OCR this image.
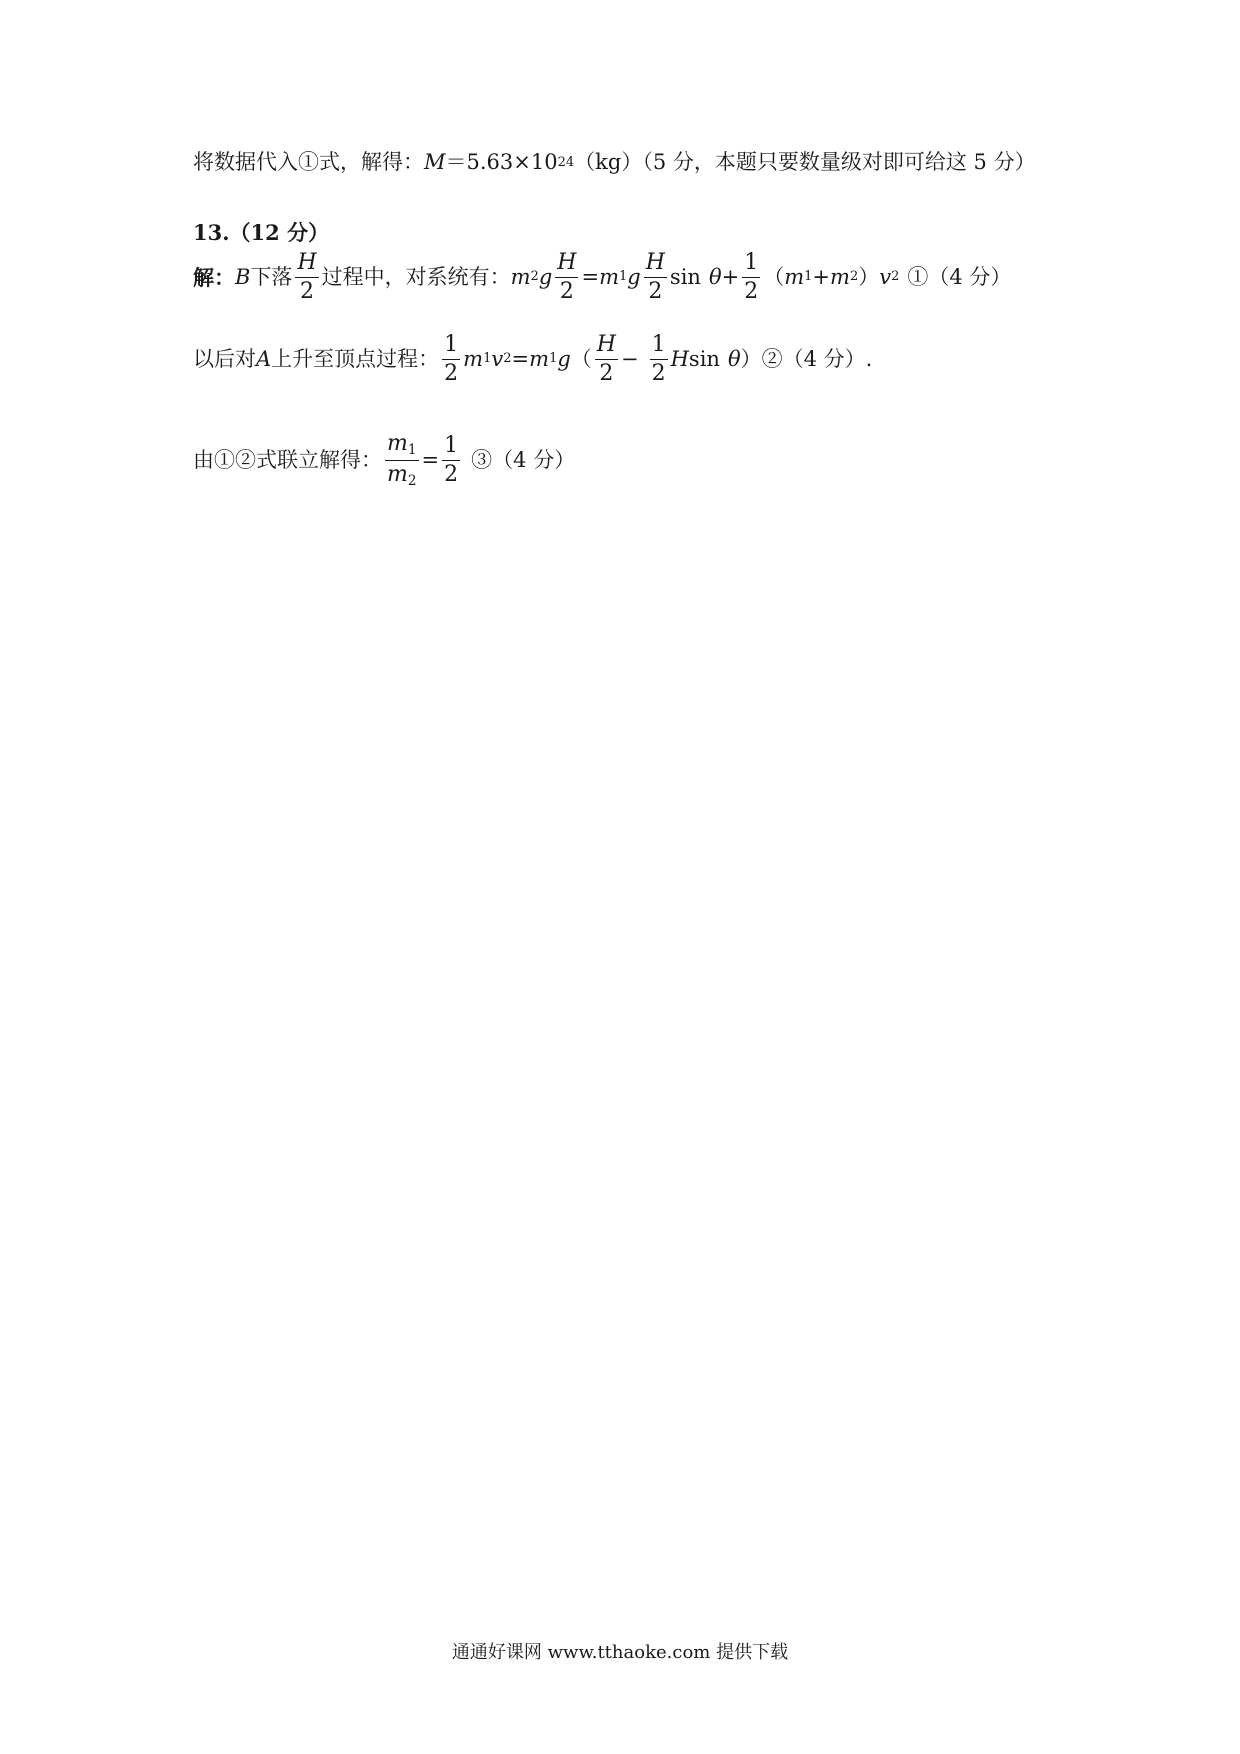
将数据代入①式，解得： M ＝5.63×10 24 （kg）（5 分，本题只要数量级对即可给这 5 分）
13.（12 分）
解： B 下落 $\frac{H}{2}$ 过程中，对系统有： m 2 g $\frac{H}{2} = m$ 1 g $\frac{H}{2}$ $\sin \theta + \frac{1}{2}$ （ m 1 + m 2 ） v 2 ①（4 分）
以后对 A 上升至顶点过程： $\frac{1}{2}$ m 1 v 2 = m 1 g （ $\frac{H}{2} - \frac{1}{2}$ H sin θ ） ②（4 分） .
由①②式联立解得： $\frac{m_1}{m_2} = \frac{1}{2}$ ③（4 分）
通通好课网 www.tthaoke.com 提供下载
